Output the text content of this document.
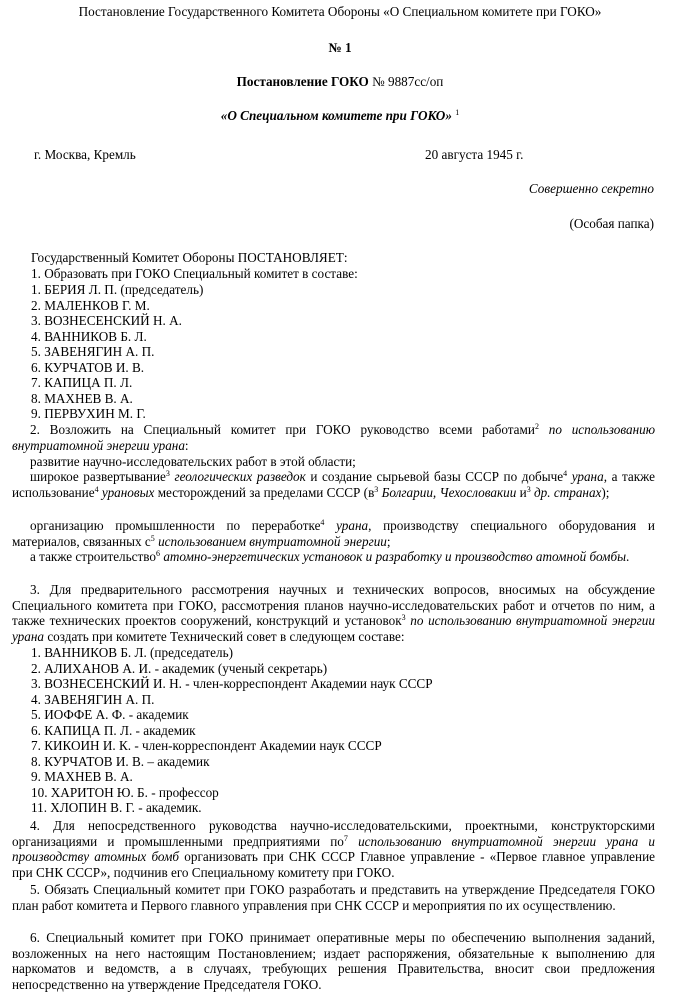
Постановление Государственного Комитета Обороны «О Специальном комитете при ГОКО»
№ 1
Постановление ГОКО № 9887сс/оп
«О Специальном комитете при ГОКО» $^1$
г. Москва, Кремль	20 августа 1945 г.
Совершенно секретно
(Особая папка)
Государственный Комитет Обороны ПОСТАНОВЛЯЕТ:
1. Образовать при ГОКО Специальный комитет в составе:
1. БЕРИЯ Л. П. (председатель)
2. МАЛЕНКОВ Г. М.
3. ВОЗНЕСЕНСКИЙ Н. А.
4. ВАННИКОВ Б. Л.
5. ЗАВЕНЯГИН А. П.
6. КУРЧАТОВ И. В.
7. КАПИЦА П. Л.
8. МАХНЕВ В. А.
9. ПЕРВУХИН М. Г.
2. Возложить на Специальный комитет при ГОКО руководство всеми работами$^2$ по использованию внутриатомной энергии урана:
развитие научно-исследовательских работ в этой области;
широкое развертывание$^3$ геологических разведок и создание сырьевой базы СССР по добыче$^4$ урана, а также использование$^4$ урановых месторождений за пределами СССР ($в^3$ Болгарии, Чехословакии $и^3$ др. странах);
организацию промышленности по переработке$^4$ урана, производству специального оборудования и материалов, связанных $с^5$ использованием внутриатомной энергии;
а также строительство$^6$ атомно-энергетических установок и разработку и производство атомной бомбы.
3. Для предварительного рассмотрения научных и технических вопросов, вносимых на обсуждение Специального комитета при ГОКО, рассмотрения планов научно-исследовательских работ и отчетов по ним, а также технических проектов сооружений, конструкций и установок$^3$ по использованию внутриатомной энергии урана создать при комитете Технический совет в следующем составе:
1. ВАННИКОВ Б. Л. (председатель)
2. АЛИХАНОВ А. И. - академик (ученый секретарь)
3. ВОЗНЕСЕНСКИЙ И. Н. - член-корреспондент Академии наук СССР
4. ЗАВЕНЯГИН А. П.
5. ИОФФЕ А. Ф. - академик
6. КАПИЦА П. Л. - академик
7. КИКОИН И. К. - член-корреспондент Академии наук СССР
8. КУРЧАТОВ И. В. – академик
9. МАХНЕВ В. А.
10. ХАРИТОН Ю. Б. - профессор
11. ХЛОПИН В. Г. - академик.
4. Для непосредственного руководства научно-исследовательскими, проектными, конструкторскими организациями и промышленными предприятиями $по^7$ использованию внутриатомной энергии урана и производству атомных бомб организовать при СНК СССР Главное управление - «Первое главное управление при СНК СССР», подчинив его Специальному комитету при ГОКО.
5. Обязать Специальный комитет при ГОКО разработать и представить на утверждение Председателя ГОКО план работ комитета и Первого главного управления при СНК СССР и мероприятия по их осуществлению.
6. Специальный комитет при ГОКО принимает оперативные меры по обеспечению выполнения заданий, возложенных на него настоящим Постановлением; издает распоряжения, обязательные к выполнению для наркоматов и ведомств, а в случаях, требующих решения Правительства, вносит свои предложения непосредственно на утверждение Председателя ГОКО.
